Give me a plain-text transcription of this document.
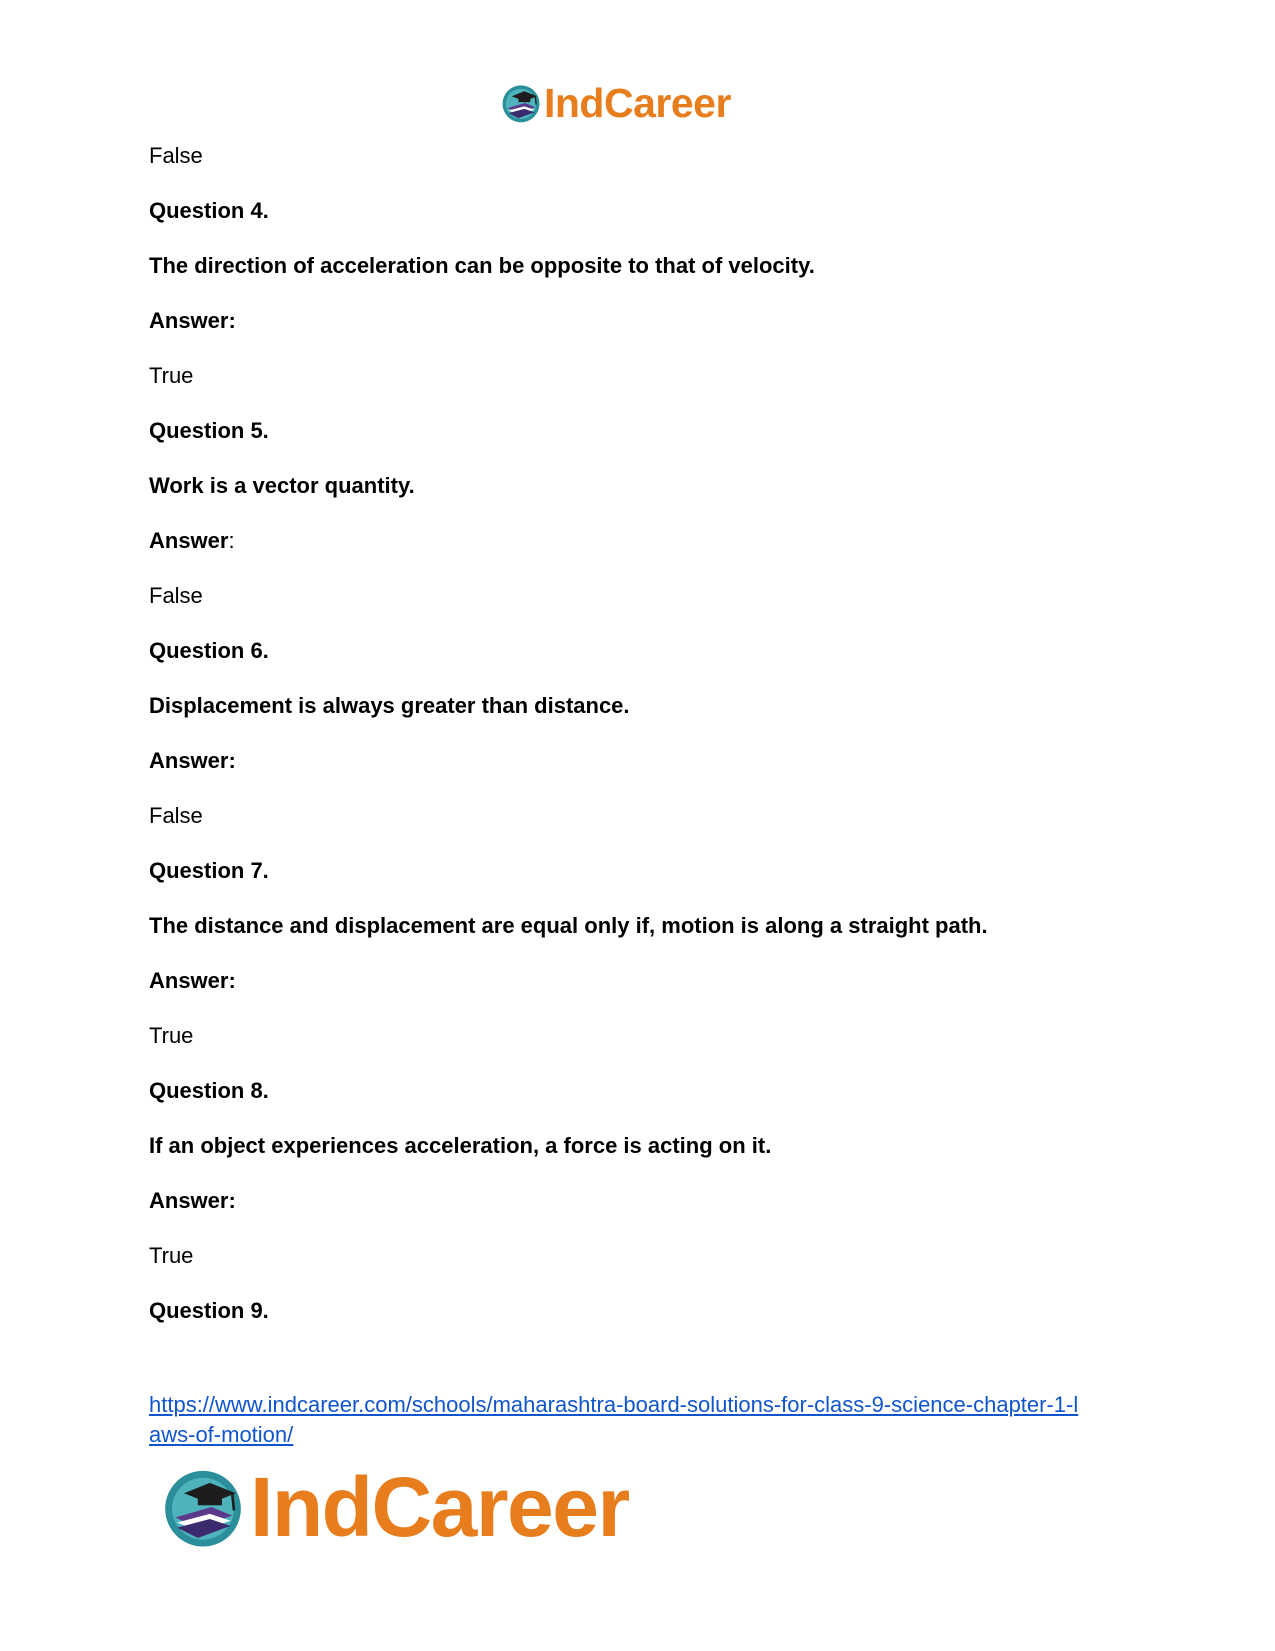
IndCareer
False
Question 4.
The direction of acceleration can be opposite to that of velocity.
Answer:
True
Question 5.
Work is a vector quantity.
Answer:
False
Question 6.
Displacement is always greater than distance.
Answer:
False
Question 7.
The distance and displacement are equal only if, motion is along a straight path.
Answer:
True
Question 8.
If an object experiences acceleration, a force is acting on it.
Answer:
True
Question 9.
https://www.indcareer.com/schools/maharashtra-board-solutions-for-class-9-science-chapter-1-l
aws-of-motion/
IndCareer
